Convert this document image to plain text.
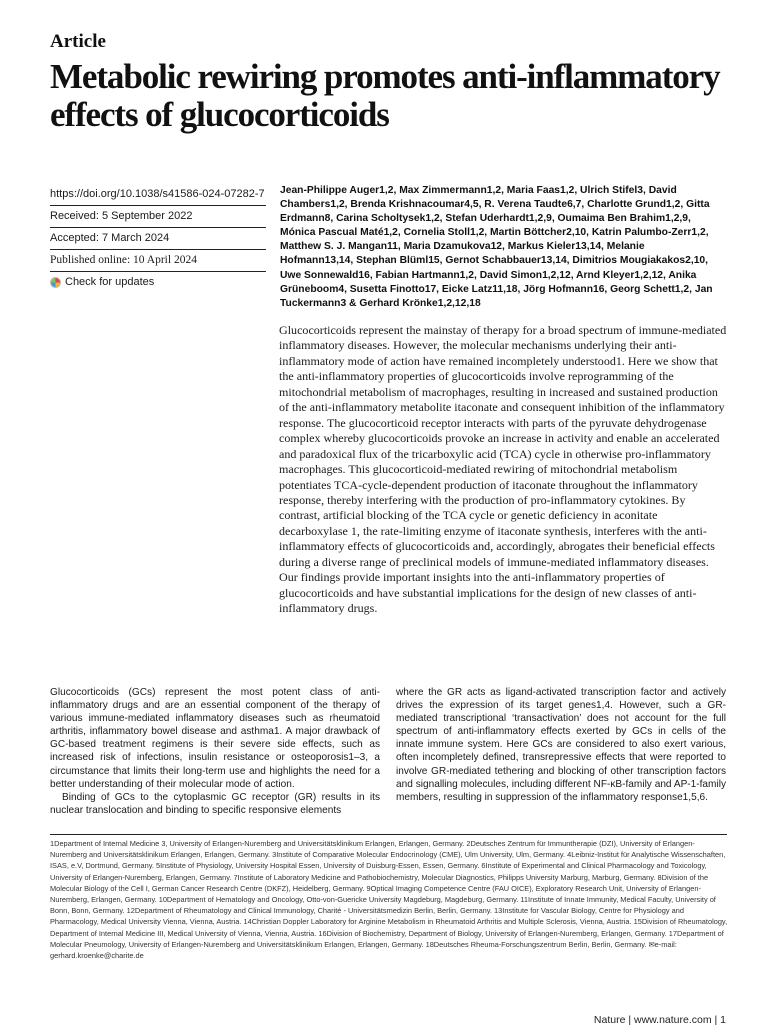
Article
Metabolic rewiring promotes anti-inflammatory effects of glucocorticoids
https://doi.org/10.1038/s41586-024-07282-7
Received: 5 September 2022
Accepted: 7 March 2024
Published online: 10 April 2024
Check for updates
Jean-Philippe Auger1,2, Max Zimmermann1,2, Maria Faas1,2, Ulrich Stifel3, David Chambers1,2, Brenda Krishnacoumar4,5, R. Verena Taudte6,7, Charlotte Grund1,2, Gitta Erdmann8, Carina Scholtysek1,2, Stefan Uderhardt1,2,9, Oumaima Ben Brahim1,2,9, Mónica Pascual Maté1,2, Cornelia Stoll1,2, Martin Böttcher2,10, Katrin Palumbo-Zerr1,2, Matthew S. J. Mangan11, Maria Dzamukova12, Markus Kieler13,14, Melanie Hofmann13,14, Stephan Blüml15, Gernot Schabbauer13,14, Dimitrios Mougiakakos2,10, Uwe Sonnewald16, Fabian Hartmann1,2, David Simon1,2,12, Arnd Kleyer1,2,12, Anika Grüneboom4, Susetta Finotto17, Eicke Latz11,18, Jörg Hofmann16, Georg Schett1,2, Jan Tuckermann3 & Gerhard Krönke1,2,12,18
Glucocorticoids represent the mainstay of therapy for a broad spectrum of immune-mediated inflammatory diseases. However, the molecular mechanisms underlying their anti-inflammatory mode of action have remained incompletely understood1. Here we show that the anti-inflammatory properties of glucocorticoids involve reprogramming of the mitochondrial metabolism of macrophages, resulting in increased and sustained production of the anti-inflammatory metabolite itaconate and consequent inhibition of the inflammatory response. The glucocorticoid receptor interacts with parts of the pyruvate dehydrogenase complex whereby glucocorticoids provoke an increase in activity and enable an accelerated and paradoxical flux of the tricarboxylic acid (TCA) cycle in otherwise pro-inflammatory macrophages. This glucocorticoid-mediated rewiring of mitochondrial metabolism potentiates TCA-cycle-dependent production of itaconate throughout the inflammatory response, thereby interfering with the production of pro-inflammatory cytokines. By contrast, artificial blocking of the TCA cycle or genetic deficiency in aconitate decarboxylase 1, the rate-limiting enzyme of itaconate synthesis, interferes with the anti-inflammatory effects of glucocorticoids and, accordingly, abrogates their beneficial effects during a diverse range of preclinical models of immune-mediated inflammatory diseases. Our findings provide important insights into the anti-inflammatory properties of glucocorticoids and have substantial implications for the design of new classes of anti-inflammatory drugs.

Glucocorticoids (GCs) represent the most potent class of anti-inflammatory drugs and are an essential component of the therapy of various immune-mediated inflammatory diseases such as rheumatoid arthritis, inflammatory bowel disease and asthma1. A major drawback of GC-based treatment regimens is their severe side effects, such as increased risk of infections, insulin resistance or osteoporosis1–3, a circumstance that limits their long-term use and highlights the need for a better understanding of their molecular mode of action.

Binding of GCs to the cytoplasmic GC receptor (GR) results in its nuclear translocation and binding to specific responsive elements

where the GR acts as ligand-activated transcription factor and actively drives the expression of its target genes1,4. However, such a GR-mediated transcriptional ‘transactivation’ does not account for the full spectrum of anti-inflammatory effects exerted by GCs in cells of the innate immune system. Here GCs are considered to also exert various, often incompletely defined, transrepressive effects that were reported to involve GR-mediated tethering and blocking of other transcription factors and signalling molecules, including different NF-κB-family and AP-1-family members, resulting in suppression of the inflammatory response1,5,6.

1Department of Internal Medicine 3, University of Erlangen-Nuremberg and Universitätsklinikum Erlangen, Erlangen, Germany. 2Deutsches Zentrum für Immuntherapie (DZI), University of Erlangen-Nuremberg and Universitätsklinikum Erlangen, Erlangen, Germany. 3Institute of Comparative Molecular Endocrinology (CME), Ulm University, Ulm, Germany. 4Leibniz-Institut für Analytische Wissenschaften, ISAS, e.V, Dortmund, Germany. 5Institute of Physiology, University Hospital Essen, University of Duisburg-Essen, Essen, Germany. 6Institute of Experimental and Clinical Pharmacology and Toxicology, University of Erlangen-Nuremberg, Erlangen, Germany. 7Institute of Laboratory Medicine and Pathobiochemistry, Molecular Diagnostics, Philipps University Marburg, Marburg, Germany. 8Division of the Molecular Biology of the Cell I, German Cancer Research Centre (DKFZ), Heidelberg, Germany. 9Optical Imaging Competence Centre (FAU OICE), Exploratory Research Unit, University of Erlangen-Nuremberg, Erlangen, Germany. 10Department of Hematology and Oncology, Otto-von-Guericke University Magdeburg, Magdeburg, Germany. 11Institute of Innate Immunity, Medical Faculty, University of Bonn, Bonn, Germany. 12Department of Rheumatology and Clinical Immunology, Charité - Universitätsmedizin Berlin, Berlin, Germany. 13Institute for Vascular Biology, Centre for Physiology and Pharmacology, Medical University Vienna, Vienna, Austria. 14Christian Doppler Laboratory for Arginine Metabolism in Rheumatoid Arthritis and Multiple Sclerosis, Vienna, Austria. 15Division of Rheumatology, Department of Internal Medicine III, Medical University of Vienna, Vienna, Austria. 16Division of Biochemistry, Department of Biology, University of Erlangen-Nuremberg, Erlangen, Germany. 17Department of Molecular Pneumology, University of Erlangen-Nuremberg and Universitätsklinikum Erlangen, Erlangen, Germany. 18Deutsches Rheuma-Forschungszentrum Berlin, Berlin, Germany. ✉e-mail: gerhard.kroenke@charite.de
Nature | www.nature.com | 1
